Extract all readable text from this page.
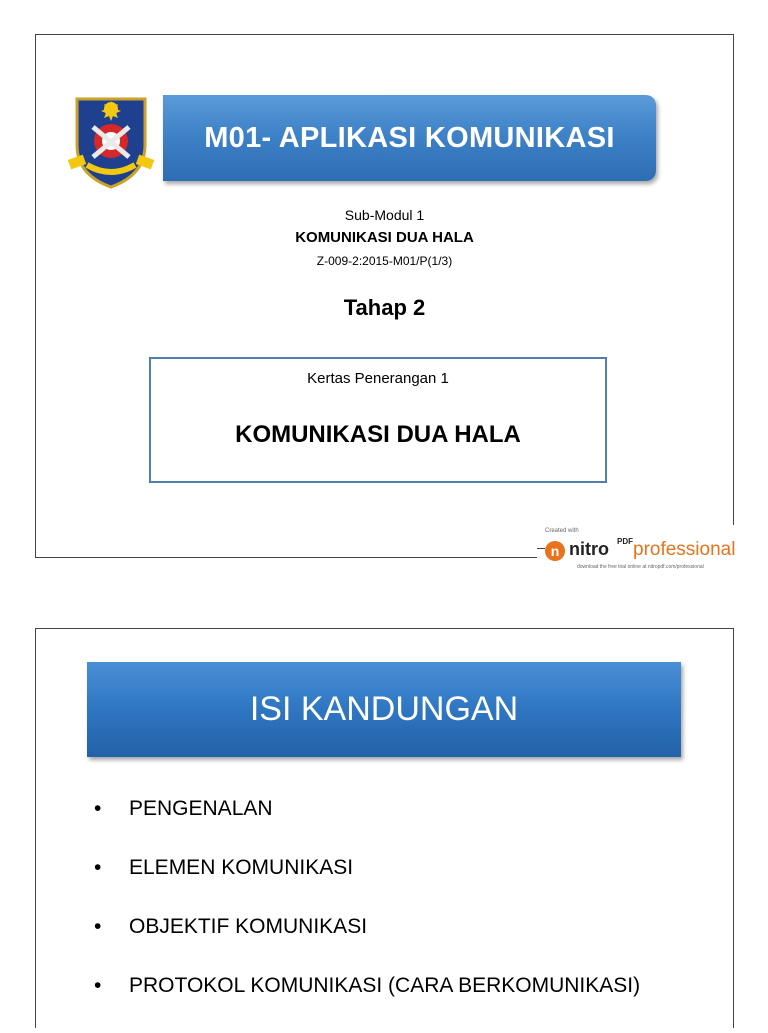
M01- APLIKASI KOMUNIKASI
Sub-Modul 1
KOMUNIKASI DUA HALA
Z-009-2:2015-M01/P(1/3)
Tahap 2
Kertas Penerangan 1
KOMUNIKASI DUA HALA
Created with
n nitro PDF professional
download the free trial online at nitropdf.com/professional
ISI KANDUNGAN
• PENGENALAN
• ELEMEN KOMUNIKASI
• OBJEKTIF KOMUNIKASI
• PROTOKOL KOMUNIKASI (CARA BERKOMUNIKASI)
